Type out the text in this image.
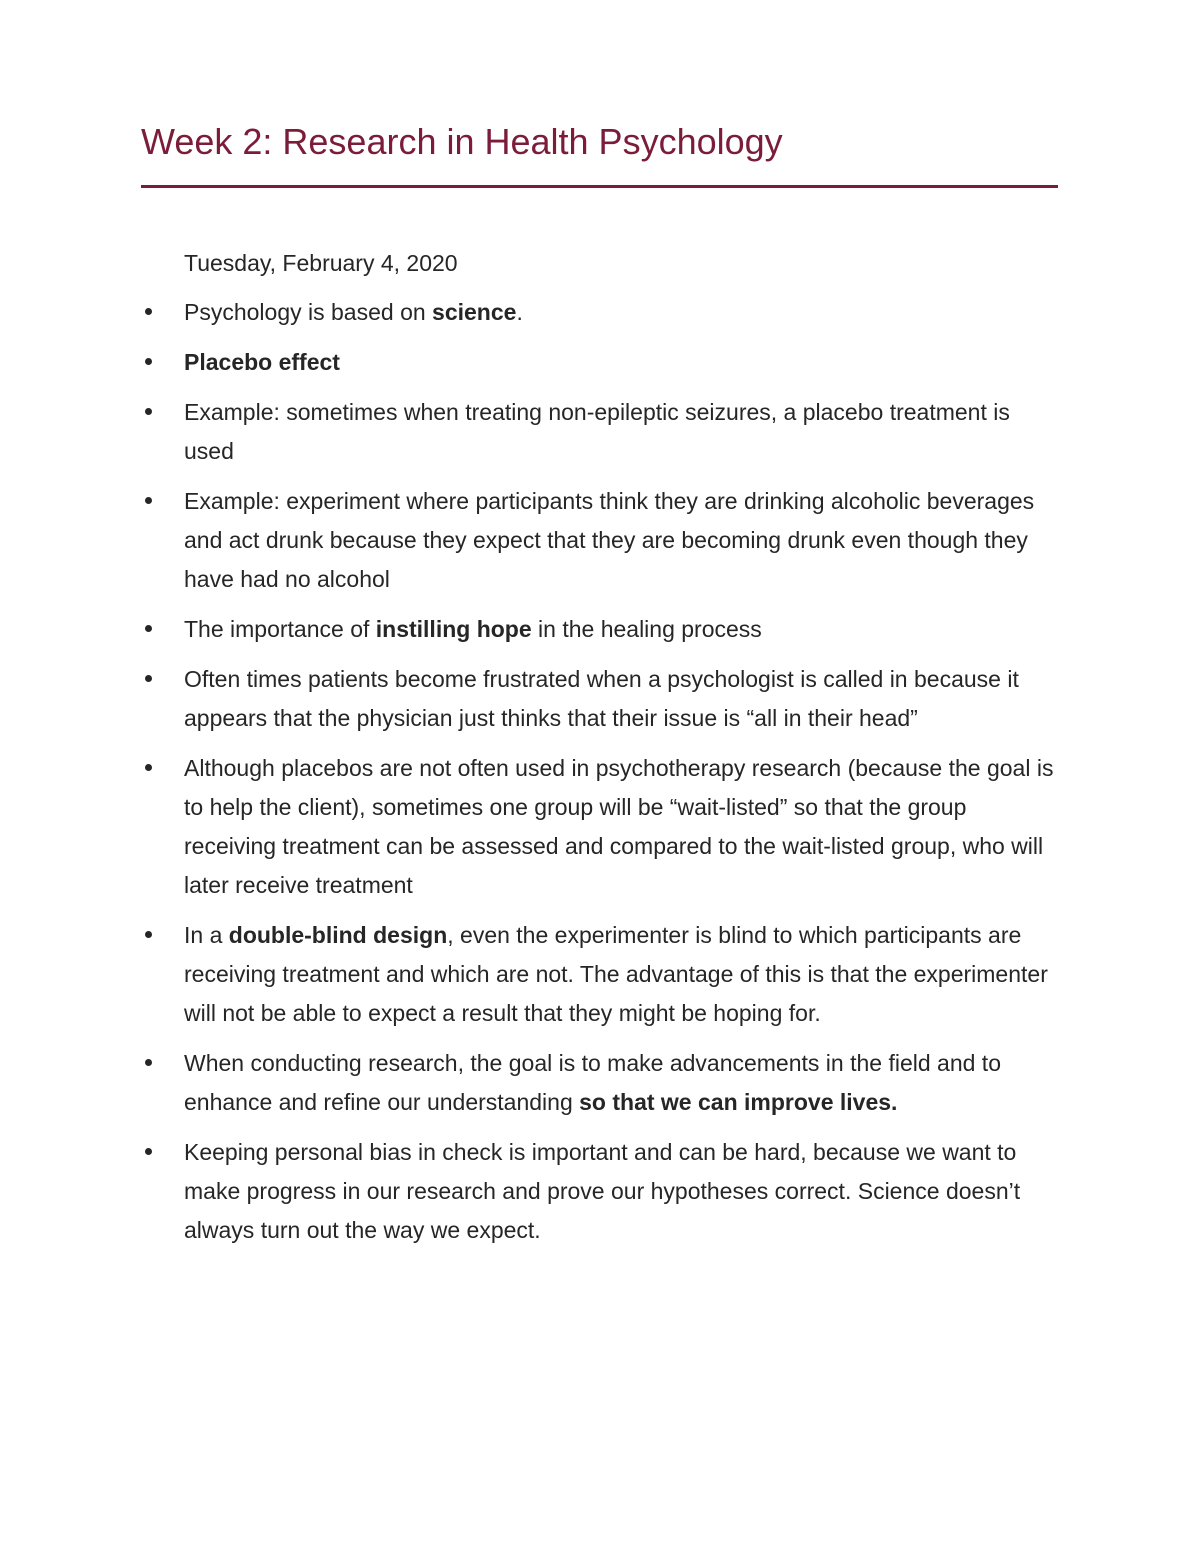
Week 2: Research in Health Psychology
Tuesday, February 4, 2020
Psychology is based on science.
Placebo effect
Example: sometimes when treating non-epileptic seizures, a placebo treatment is used
Example: experiment where participants think they are drinking alcoholic beverages and act drunk because they expect that they are becoming drunk even though they have had no alcohol
The importance of instilling hope in the healing process
Often times patients become frustrated when a psychologist is called in because it appears that the physician just thinks that their issue is “all in their head”
Although placebos are not often used in psychotherapy research (because the goal is to help the client), sometimes one group will be “wait-listed” so that the group receiving treatment can be assessed and compared to the wait-listed group, who will later receive treatment
In a double-blind design, even the experimenter is blind to which participants are receiving treatment and which are not. The advantage of this is that the experimenter will not be able to expect a result that they might be hoping for.
When conducting research, the goal is to make advancements in the field and to enhance and refine our understanding so that we can improve lives.
Keeping personal bias in check is important and can be hard, because we want to make progress in our research and prove our hypotheses correct. Science doesn’t always turn out the way we expect.
